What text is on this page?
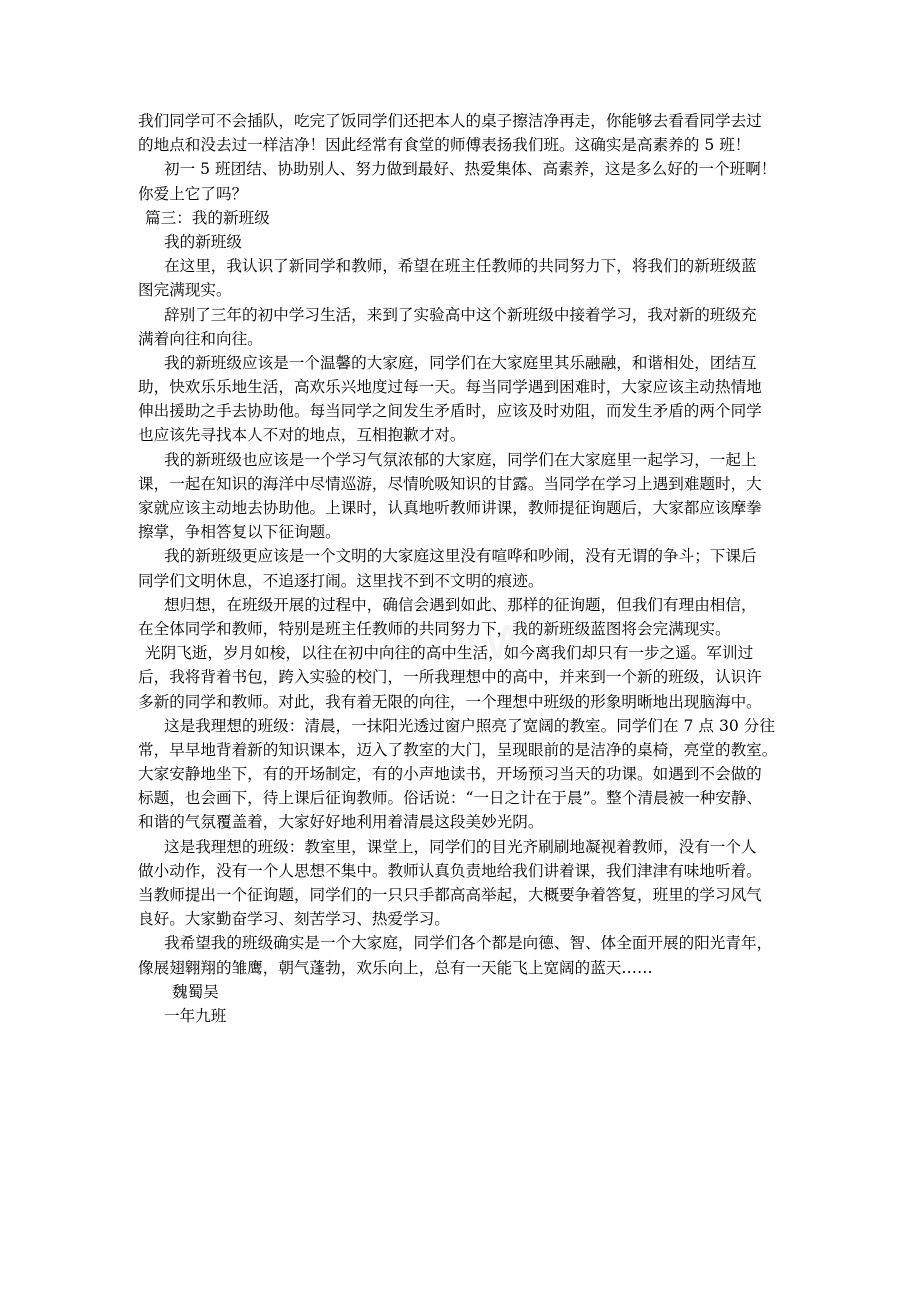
我们同学可不会插队，吃完了饭同学们还把本人的桌子擦洁净再走，你能够去看看同学去过
的地点和没去过一样洁净！因此经常有食堂的师傅表扬我们班。这确实是高素养的 5 班！
初一 5 班团结、协助别人、努力做到最好、热爱集体、高素养，这是多么好的一个班啊！
你爱上它了吗？
篇三：我的新班级
我的新班级
在这里，我认识了新同学和教师，希望在班主任教师的共同努力下，将我们的新班级蓝
图完满现实。
辞别了三年的初中学习生活，来到了实验高中这个新班级中接着学习，我对新的班级充
满着向往和向往。
我的新班级应该是一个温馨的大家庭，同学们在大家庭里其乐融融，和谐相处，团结互
助，快欢乐乐地生活，高欢乐兴地度过每一天。每当同学遇到困难时，大家应该主动热情地
伸出援助之手去协助他。每当同学之间发生矛盾时，应该及时劝阻，而发生矛盾的两个同学
也应该先寻找本人不对的地点，互相抱歉才对。
我的新班级也应该是一个学习气氛浓郁的大家庭，同学们在大家庭里一起学习，一起上
课，一起在知识的海洋中尽情巡游，尽情吮吸知识的甘露。当同学在学习上遇到难题时，大
家就应该主动地去协助他。上课时，认真地听教师讲课，教师提征询题后，大家都应该摩拳
擦掌，争相答复以下征询题。
我的新班级更应该是一个文明的大家庭这里没有喧哗和吵闹，没有无谓的争斗；下课后
同学们文明休息，不追逐打闹。这里找不到不文明的痕迹。
想归想，在班级开展的过程中，确信会遇到如此、那样的征询题，但我们有理由相信，
在全体同学和教师，特别是班主任教师的共同努力下，我的新班级蓝图将会完满现实。
光阴飞逝，岁月如梭，以往在初中向往的高中生活，如今离我们却只有一步之遥。军训过
后，我将背着书包，跨入实验的校门，一所我理想中的高中，并来到一个新的班级，认识许
多新的同学和教师。对此，我有着无限的向往，一个理想中班级的形象明晰地出现脑海中。
这是我理想的班级：清晨，一抹阳光透过窗户照亮了宽阔的教室。同学们在 7 点 30 分往
常，早早地背着新的知识课本，迈入了教室的大门，呈现眼前的是洁净的桌椅，亮堂的教室。
大家安静地坐下，有的开场制定，有的小声地读书，开场预习当天的功课。如遇到不会做的
标题，也会画下，待上课后征询教师。俗话说：“一日之计在于晨”。整个清晨被一种安静、
和谐的气氛覆盖着，大家好好地利用着清晨这段美妙光阴。
这是我理想的班级：教室里，课堂上，同学们的目光齐刷刷地凝视着教师，没有一个人
做小动作，没有一个人思想不集中。教师认真负责地给我们讲着课，我们津津有味地听着。
当教师提出一个征询题，同学们的一只只手都高高举起，大概要争着答复，班里的学习风气
良好。大家勤奋学习、刻苦学习、热爱学习。
我希望我的班级确实是一个大家庭，同学们各个都是向德、智、体全面开展的阳光青年，
像展翅翱翔的雏鹰，朝气蓬勃，欢乐向上，总有一天能飞上宽阔的蓝天……
魏蜀吴
一年九班
